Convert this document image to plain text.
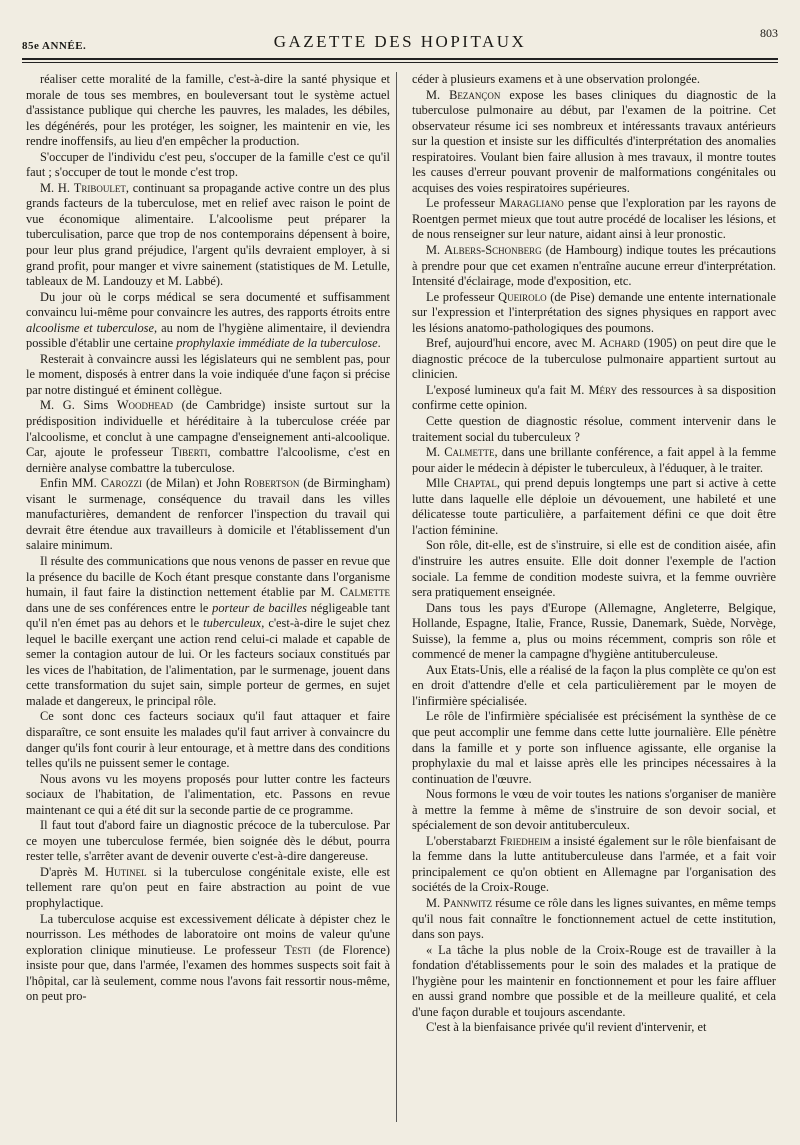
85e ANNÉE.	GAZETTE DES HOPITAUX	803

réaliser cette moralité de la famille, c'est-à-dire la santé physique et morale de tous ses membres, en bouleversant tout le système actuel d'assistance publique qui cherche les pauvres, les malades, les débiles, les dégénérés, pour les protéger, les soigner, les maintenir en vie, les rendre inoffensifs, au lieu d'en empêcher la production.

S'occuper de l'individu c'est peu, s'occuper de la famille c'est ce qu'il faut ; s'occuper de tout le monde c'est trop.

M. H. Triboulet, continuant sa propagande active contre un des plus grands facteurs de la tuberculose, met en relief avec raison le point de vue économique alimentaire. L'alcoolisme peut préparer la tuberculisation, parce que trop de nos contemporains dépensent à boire, pour leur plus grand préjudice, l'argent qu'ils devraient employer, à si grand profit, pour manger et vivre sainement (statistiques de M. Letulle, tableaux de M. Landouzy et M. Labbé).

Du jour où le corps médical se sera documenté et suffisamment convaincu lui-même pour convaincre les autres, des rapports étroits entre alcoolisme et tuberculose, au nom de l'hygiène alimentaire, il deviendra possible d'établir une certaine prophylaxie immédiate de la tuberculose.

Resterait à convaincre aussi les législateurs qui ne semblent pas, pour le moment, disposés à entrer dans la voie indiquée d'une façon si précise par notre distingué et éminent collègue.

M. G. Sims Woodhead (de Cambridge) insiste surtout sur la prédisposition individuelle et héréditaire à la tuberculose créée par l'alcoolisme, et conclut à une campagne d'enseignement anti-alcoolique. Car, ajoute le professeur Tiberti, combattre l'alcoolisme, c'est en dernière analyse combattre la tuberculose.

Enfin MM. Carozzi (de Milan) et John Robertson (de Birmingham) visant le surmenage, conséquence du travail dans les villes manufacturières, demandent de renforcer l'inspection du travail qui devrait être étendue aux travailleurs à domicile et l'établissement d'un salaire minimum.

Il résulte des communications que nous venons de passer en revue que la présence du bacille de Koch étant presque constante dans l'organisme humain, il faut faire la distinction nettement établie par M. Calmette dans une de ses conférences entre le porteur de bacilles négligeable tant qu'il n'en émet pas au dehors et le tuberculeux, c'est-à-dire le sujet chez lequel le bacille exerçant une action rend celui-ci malade et capable de semer la contagion autour de lui. Or les facteurs sociaux constitués par les vices de l'habitation, de l'alimentation, par le surmenage, jouent dans cette transformation du sujet sain, simple porteur de germes, en sujet malade et dangereux, le principal rôle.

Ce sont donc ces facteurs sociaux qu'il faut attaquer et faire disparaître, ce sont ensuite les malades qu'il faut arriver à convaincre du danger qu'ils font courir à leur entourage, et à mettre dans des conditions telles qu'ils ne puissent semer le contage.

Nous avons vu les moyens proposés pour lutter contre les facteurs sociaux de l'habitation, de l'alimentation, etc. Passons en revue maintenant ce qui a été dit sur la seconde partie de ce programme.

Il faut tout d'abord faire un diagnostic précoce de la tuberculose. Par ce moyen une tuberculose fermée, bien soignée dès le début, pourra rester telle, s'arrêter avant de devenir ouverte c'est-à-dire dangereuse.

D'après M. Hutinel si la tuberculose congénitale existe, elle est tellement rare qu'on peut en faire abstraction au point de vue prophylactique.

La tuberculose acquise est excessivement délicate à dépister chez le nourrisson. Les méthodes de laboratoire ont moins de valeur qu'une exploration clinique minutieuse. Le professeur Testi (de Florence) insiste pour que, dans l'armée, l'examen des hommes suspects soit fait à l'hôpital, car là seulement, comme nous l'avons fait ressortir nous-même, on peut pro-

céder à plusieurs examens et à une observation prolongée.

M. Bezançon expose les bases cliniques du diagnostic de la tuberculose pulmonaire au début, par l'examen de la poitrine. Cet observateur résume ici ses nombreux et intéressants travaux antérieurs sur la question et insiste sur les difficultés d'interprétation des anomalies respiratoires. Voulant bien faire allusion à mes travaux, il montre toutes les causes d'erreur pouvant provenir de malformations congénitales ou acquises des voies respiratoires supérieures.

Le professeur Maragliano pense que l'exploration par les rayons de Roentgen permet mieux que tout autre procédé de localiser les lésions, et de nous renseigner sur leur nature, aidant ainsi à leur pronostic.

M. Albers-Schonberg (de Hambourg) indique toutes les précautions à prendre pour que cet examen n'entraîne aucune erreur d'interprétation. Intensité d'éclairage, mode d'exposition, etc.

Le professeur Queirolo (de Pise) demande une entente internationale sur l'expression et l'interprétation des signes physiques en rapport avec les lésions anatomo-pathologiques des poumons.

Bref, aujourd'hui encore, avec M. Achard (1905) on peut dire que le diagnostic précoce de la tuberculose pulmonaire appartient surtout au clinicien.

L'exposé lumineux qu'a fait M. Méry des ressources à sa disposition confirme cette opinion.

Cette question de diagnostic résolue, comment intervenir dans le traitement social du tuberculeux ?

M. Calmette, dans une brillante conférence, a fait appel à la femme pour aider le médecin à dépister le tuberculeux, à l'éduquer, à le traiter.

Mlle Chaptal, qui prend depuis longtemps une part si active à cette lutte dans laquelle elle déploie un dévouement, une habileté et une délicatesse toute particulière, a parfaitement défini ce que doit être l'action féminine.

Son rôle, dit-elle, est de s'instruire, si elle est de condition aisée, afin d'instruire les autres ensuite. Elle doit donner l'exemple de l'action sociale. La femme de condition modeste suivra, et la femme ouvrière sera pratiquement enseignée.

Dans tous les pays d'Europe (Allemagne, Angleterre, Belgique, Hollande, Espagne, Italie, France, Russie, Danemark, Suède, Norvège, Suisse), la femme a, plus ou moins récemment, compris son rôle et commencé de mener la campagne d'hygiène antituberculeuse.

Aux Etats-Unis, elle a réalisé de la façon la plus complète ce qu'on est en droit d'attendre d'elle et cela particulièrement par le moyen de l'infirmière spécialisée.

Le rôle de l'infirmière spécialisée est précisément la synthèse de ce que peut accomplir une femme dans cette lutte journalière. Elle pénètre dans la famille et y porte son influence agissante, elle organise la prophylaxie du mal et laisse après elle les principes nécessaires à la continuation de l'œuvre.

Nous formons le vœu de voir toutes les nations s'organiser de manière à mettre la femme à même de s'instruire de son devoir social, et spécialement de son devoir antituberculeux.

L'oberstabarzt Friedheim a insisté également sur le rôle bienfaisant de la femme dans la lutte antituberculeuse dans l'armée, et a fait voir principalement ce qu'on obtient en Allemagne par l'organisation des sociétés de la Croix-Rouge.

M. Pannwitz résume ce rôle dans les lignes suivantes, en même temps qu'il nous fait connaître le fonctionnement actuel de cette institution, dans son pays.

« La tâche la plus noble de la Croix-Rouge est de travailler à la fondation d'établissements pour le soin des malades et la pratique de l'hygiène pour les maintenir en fonctionnement et pour les faire affluer en aussi grand nombre que possible et de la meilleure qualité, et cela d'une façon durable et toujours ascendante.

C'est à la bienfaisance privée qu'il revient d'intervenir, et
